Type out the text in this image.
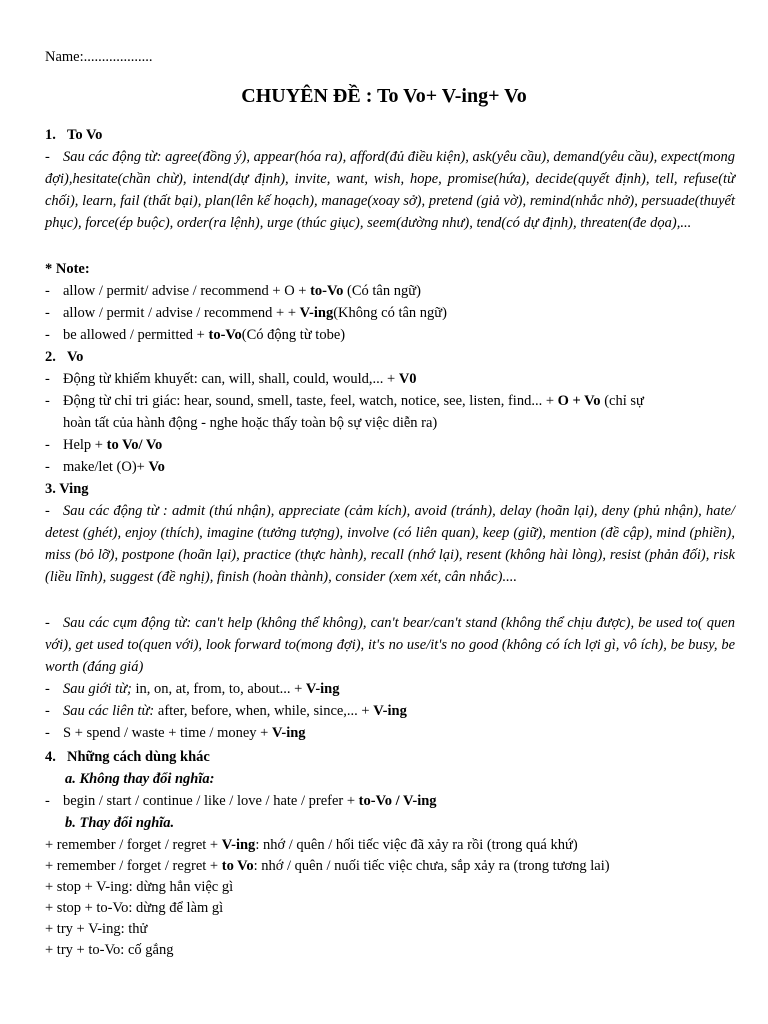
Name:...................
CHUYÊN ĐỀ : To Vo+ V-ing+ Vo
1. To Vo
- Sau các động từ: agree(đồng ý), appear(hóa ra), afford(đủ điều kiện), ask(yêu cầu), demand(yêu cầu), expect(mong đợi),hesitate(chần chừ), intend(dự định), invite, want, wish, hope, promise(hứa), decide(quyết định), tell, refuse(từ chối), learn, fail (thất bại), plan(lên kế hoạch), manage(xoay sở), pretend (giả vờ), remind(nhắc nhở), persuade(thuyết phục), force(ép buộc), order(ra lệnh), urge (thúc giục), seem(dường như), tend(có dự định), threaten(đe dọa),...
* Note:
- allow / permit/ advise / recommend + O + to-Vo (Có tân ngữ)
- allow / permit / advise / recommend + + V-ing(Không có tân ngữ)
- be allowed / permitted + to-Vo(Có động từ tobe)
2. Vo
- Động từ khiếm khuyết: can, will, shall, could, would,... + V0
- Động từ chỉ tri giác: hear, sound, smell, taste, feel, watch, notice, see, listen, find... + O + Vo (chỉ sự
hoàn tất của hành động - nghe hoặc thấy toàn bộ sự việc diễn ra)
- Help + to Vo/ Vo
- make/let (O)+ Vo
3. Ving
- Sau các động từ : admit (thú nhận), appreciate (cảm kích), avoid (tránh), delay (hoãn lại), deny (phủ nhận), hate/ detest (ghét), enjoy (thích), imagine (tưởng tượng), involve (có liên quan), keep (giữ), mention (đề cập), mind (phiền), miss (bỏ lỡ), postpone (hoãn lại), practice (thực hành), recall (nhớ lại), resent (không hài lòng), resist (phản đối), risk (liều lĩnh), suggest (đề nghị), finish (hoàn thành), consider (xem xét, cân nhắc)....
- Sau các cụm động từ: can't help (không thể không), can't bear/can't stand (không thể chịu được), be used to( quen với), get used to(quen với), look forward to(mong đợi), it's no use/it's no good (không có ích lợi gì, vô ích), be busy, be worth (đáng giá)
- Sau giới từ; in, on, at, from, to, about... + V-ing
- Sau các liên từ: after, before, when, while, since,... + V-ing
- S + spend / waste + time / money + V-ing
4. Những cách dùng khác
a. Không thay đổi nghĩa:
- begin / start / continue / like / love / hate / prefer + to-Vo / V-ing
b. Thay đổi nghĩa.
+ remember / forget / regret + V-ing: nhớ / quên / hối tiếc việc đã xảy ra rồi (trong quá khứ)
+ remember / forget / regret + to Vo: nhớ / quên / nuối tiếc việc chưa, sắp xảy ra (trong tương lai)
+ stop + V-ing: dừng hẳn việc gì
+ stop + to-Vo: dừng để làm gì
+ try + V-ing: thử
+ try + to-Vo: cố gắng
